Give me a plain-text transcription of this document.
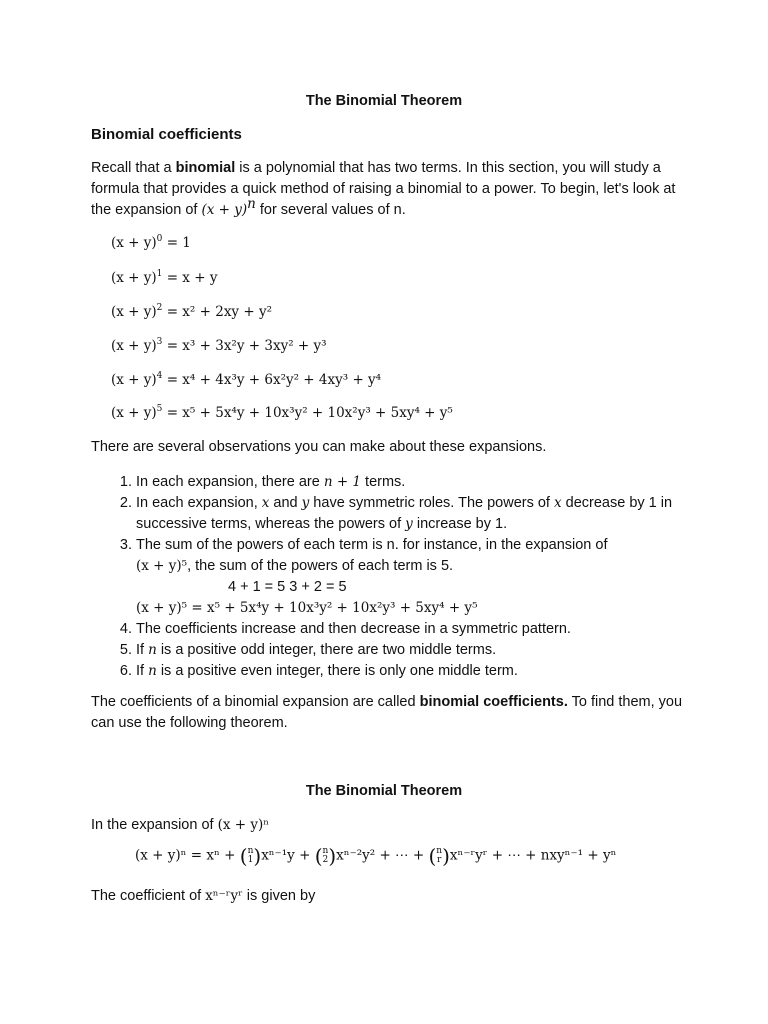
The Binomial Theorem
Binomial coefficients

Recall that a binomial is a polynomial that has two terms. In this section, you will study a formula that provides a quick method of raising a binomial to a power. To begin, let's look at the expansion of $(x + y)^n$ for several values of n.

$(x + y)^0 = 1$
$(x + y)^1 = x + y$
$(x + y)^2 = x^2 + 2xy + y^2$
$(x + y)^3 = x^3 + 3x^2y + 3xy^2 + y^3$
$(x + y)^4 = x^4 + 4x^3y + 6x^2y^2 + 4xy^3 + y^4$
$(x + y)^5 = x^5 + 5x^4y + 10x^3y^2 + 10x^2y^3 + 5xy^4 + y^5$

There are several observations you can make about these expansions.

1. In each expansion, there are n + 1 terms.
2. In each expansion, x and y have symmetric roles. The powers of x decrease by 1 in successive terms, whereas the powers of y increase by 1.
3. The sum of the powers of each term is n. for instance, in the expansion of
(x + y)⁵, the sum of the powers of each term is 5.
4 + 1 = 5 3 + 2 = 5
(x + y)⁵ = x⁵ + 5x⁴y + 10x³y² + 10x²y³ + 5xy⁴ + y⁵
4. The coefficients increase and then decrease in a symmetric pattern.
5. If n is a positive odd integer, there are two middle terms.
6. If n is a positive even integer, there is only one middle term.

The coefficients of a binomial expansion are called binomial coefficients. To find them, you can use the following theorem.

The Binomial Theorem

In the expansion of (x + y)ⁿ

(x + y)ⁿ = xⁿ + ( n
1 )xⁿ⁻¹y + ( n
2 )xⁿ⁻²y² + ⋯ + ( n
r )xⁿ⁻ʳyʳ + ⋯ + nxyⁿ⁻¹ + yⁿ

The coefficient of xⁿ⁻ʳyʳ is given by
